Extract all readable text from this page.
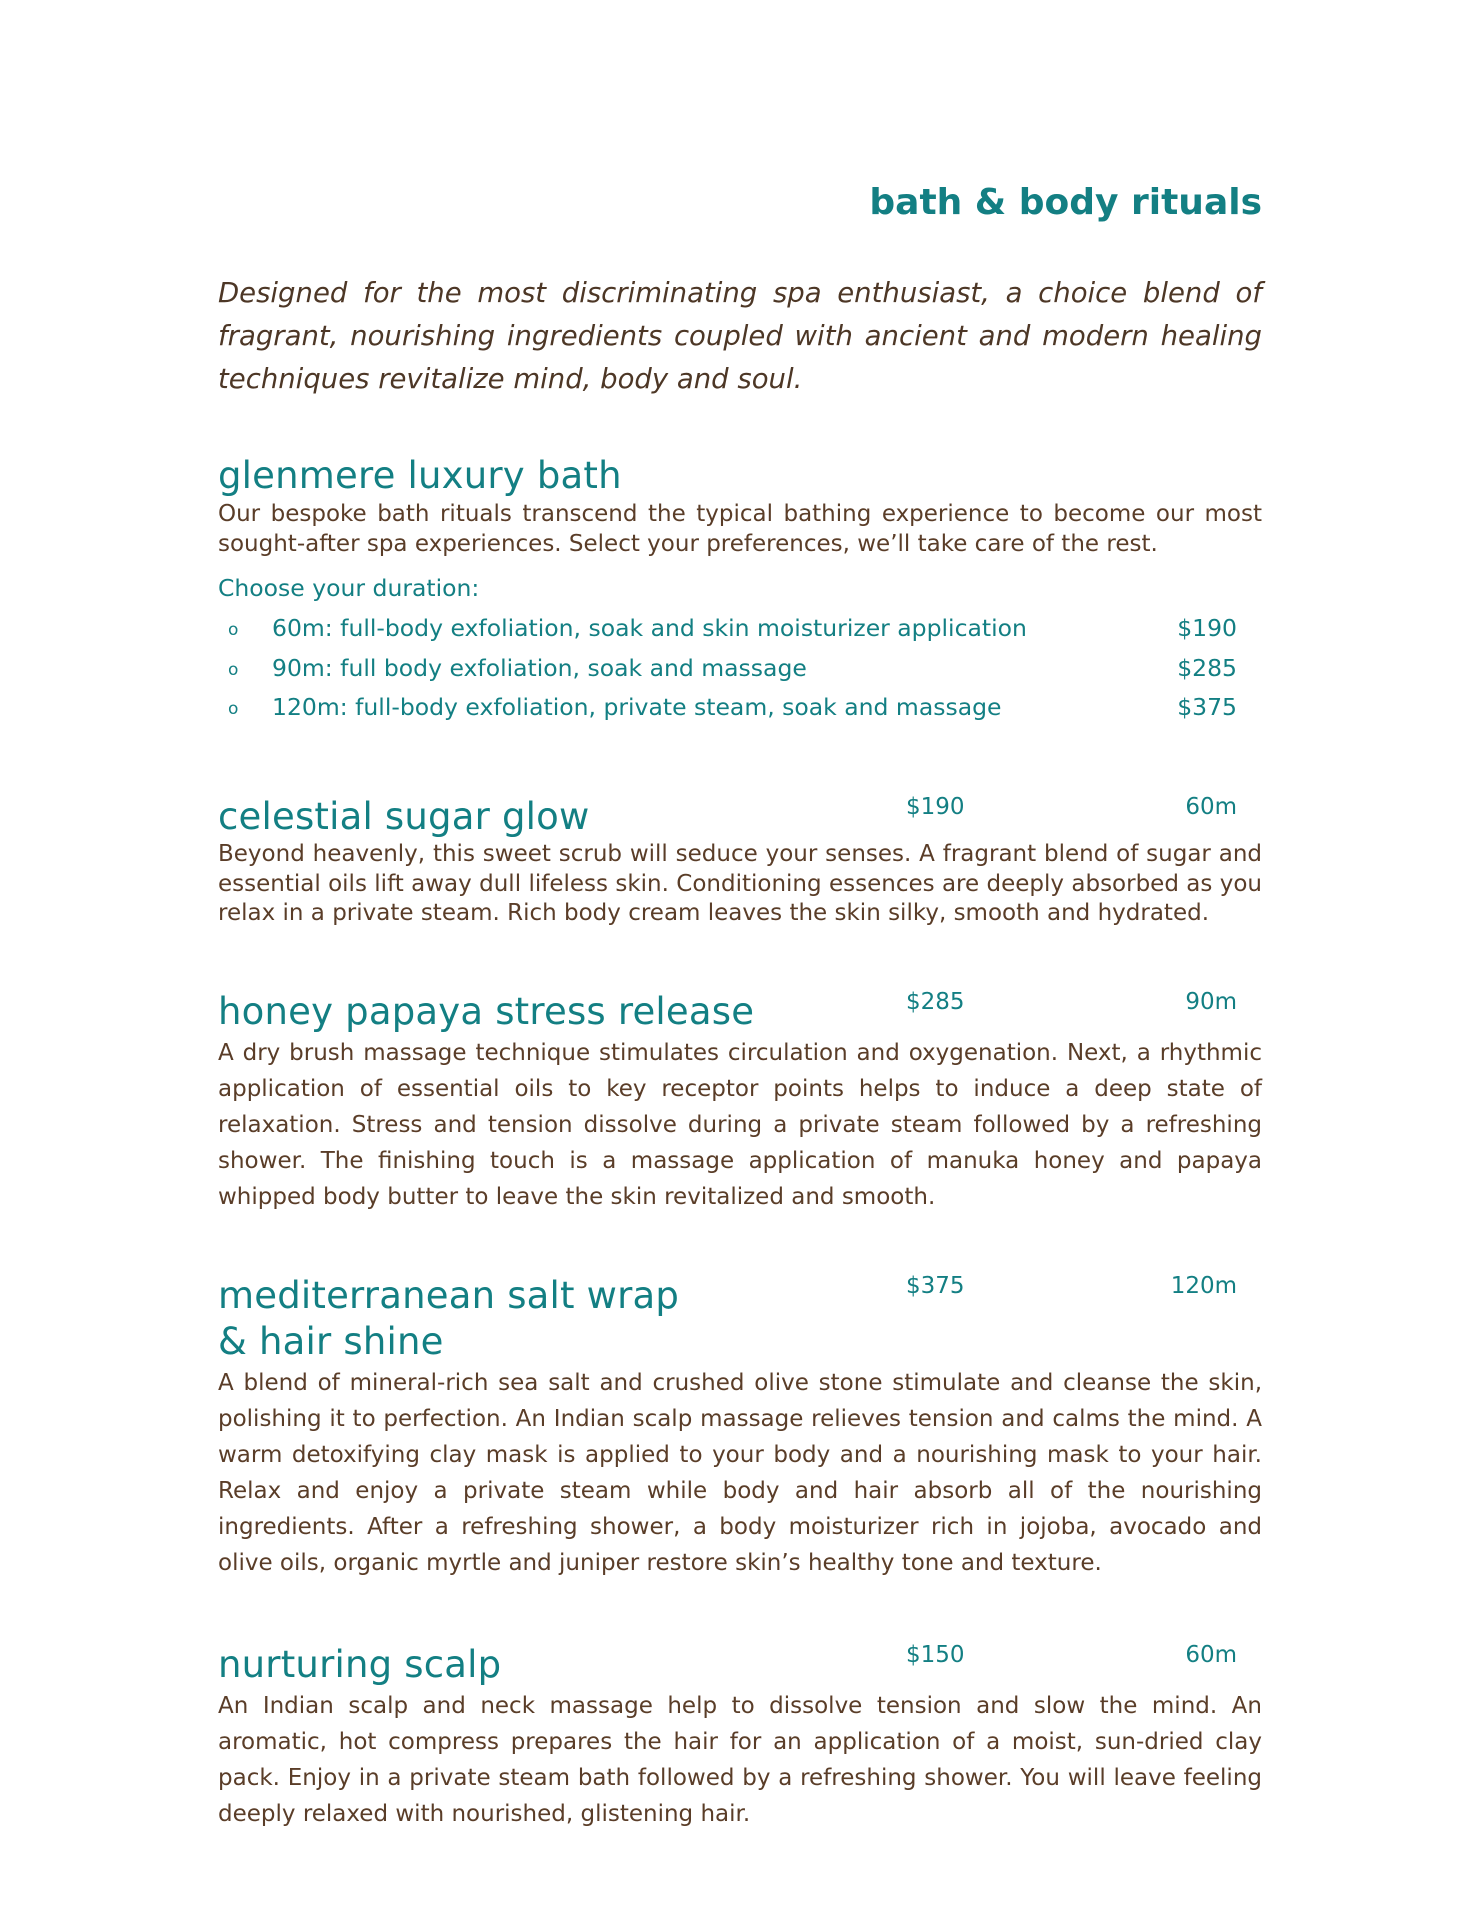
bath & body rituals

Designed for the most discriminating spa enthusiast, a choice blend of fragrant, nourishing ingredients coupled with ancient and modern healing techniques revitalize mind, body and soul.

glenmere luxury bath

Our bespoke bath rituals transcend the typical bathing experience to become our most sought-after spa experiences. Select your preferences, we’ll take care of the rest.

Choose your duration:
o 60m: full-body exfoliation, soak and skin moisturizer application	$190
o 90m: full body exfoliation, soak and massage	$285
o 120m: full-body exfoliation, private steam, soak and massage	$375
celestial sugar glow	$190	60m

Beyond heavenly, this sweet scrub will seduce your senses. A fragrant blend of sugar and essential oils lift away dull lifeless skin. Conditioning essences are deeply absorbed as you relax in a private steam. Rich body cream leaves the skin silky, smooth and hydrated.

honey papaya stress release	$285	90m

A dry brush massage technique stimulates circulation and oxygenation. Next, a rhythmic application of essential oils to key receptor points helps to induce a deep state of relaxation. Stress and tension dissolve during a private steam followed by a refreshing shower. The finishing touch is a massage application of manuka honey and papaya whipped body butter to leave the skin revitalized and smooth.

mediterranean salt wrap
& hair shine
$375	120m

A blend of mineral-rich sea salt and crushed olive stone stimulate and cleanse the skin, polishing it to perfection. An Indian scalp massage relieves tension and calms the mind. A warm detoxifying clay mask is applied to your body and a nourishing mask to your hair. Relax and enjoy a private steam while body and hair absorb all of the nourishing ingredients. After a refreshing shower, a body moisturizer rich in jojoba, avocado and olive oils, organic myrtle and juniper restore skin’s healthy tone and texture.

nurturing scalp	$150	60m

An Indian scalp and neck massage help to dissolve tension and slow the mind. An aromatic, hot compress prepares the hair for an application of a moist, sun-dried clay pack. Enjoy in a private steam bath followed by a refreshing shower. You will leave feeling deeply relaxed with nourished, glistening hair.
